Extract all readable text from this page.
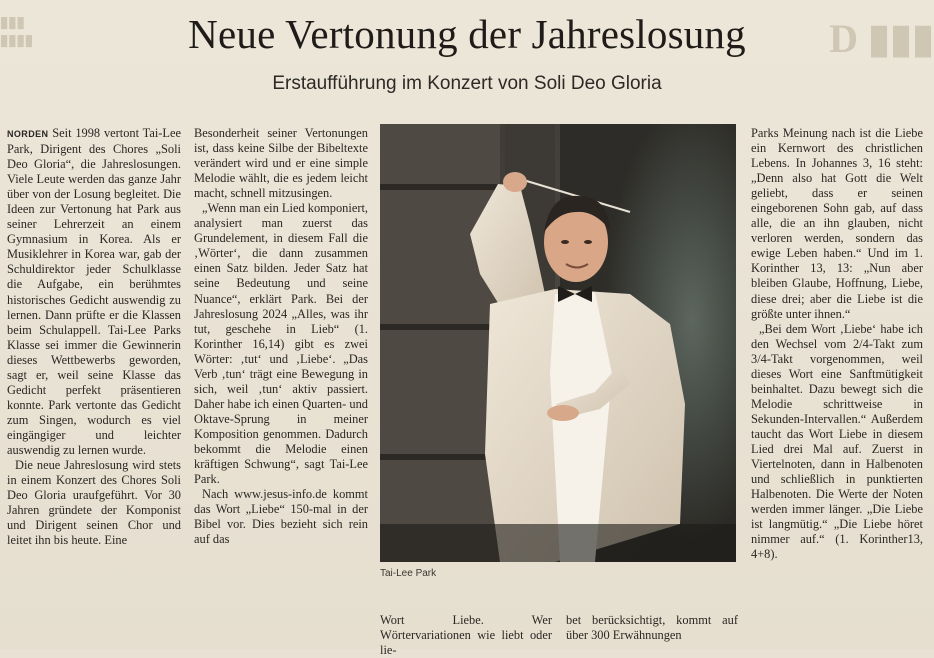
▮▮▮
▮▮▮▮	D ▮▮▮
Neue Vertonung der Jahreslosung
Erstaufführung im Konzert von Soli Deo Gloria

NORDEN Seit 1998 vertont Tai-Lee Park, Dirigent des Chores „Soli Deo Gloria“, die Jahreslosungen. Viele Leute werden das ganze Jahr über von der Losung begleitet. Die Ideen zur Vertonung hat Park aus seiner Lehrerzeit an einem Gymnasium in Korea. Als er Musiklehrer in Korea war, gab der Schuldirektor jeder Schulklasse die Aufgabe, ein berühmtes historisches Gedicht auswendig zu lernen. Dann prüfte er die Klassen beim Schulappell. Tai-Lee Parks Klasse sei immer die Gewinnerin dieses Wettbewerbs geworden, sagt er, weil seine Klasse das Gedicht perfekt präsentieren konnte. Park vertonte das Gedicht zum Singen, wodurch es viel eingängiger und leichter auswendig zu lernen wurde.

Die neue Jahreslosung wird stets in einem Konzert des Chores Soli Deo Gloria uraufgeführt. Vor 30 Jahren gründete der Komponist und Dirigent seinen Chor und leitet ihn bis heute. Eine

Besonderheit seiner Vertonungen ist, dass keine Silbe der Bibeltexte verändert wird und er eine simple Melodie wählt, die es jedem leicht macht, schnell mitzusingen.

„Wenn man ein Lied komponiert, analysiert man zuerst das Grundelement, in diesem Fall die ‚Wörter‘, die dann zusammen einen Satz bilden. Jeder Satz hat seine Bedeutung und seine Nuance“, erklärt Park. Bei der Jahreslosung 2024 „Alles, was ihr tut, geschehe in Lieb“ (1. Korinther 16,14) gibt es zwei Wörter: ‚tut‘ und ‚Liebe‘. „Das Verb ‚tun‘ trägt eine Bewegung in sich, weil ‚tun‘ aktiv passiert. Daher habe ich einen Quarten- und Oktave-Sprung in meiner Komposition genommen. Dadurch bekommt die Melodie einen kräftigen Schwung“, sagt Tai-Lee Park.

Nach www.jesus-info.de kommt das Wort „Liebe“ 150-mal in der Bibel vor. Dies bezieht sich rein auf das

Tai-Lee Park
Wort Liebe. Wer Wörtervariationen wie liebt oder lie-
bet berücksichtigt, kommt auf über 300 Erwähnungen

Parks Meinung nach ist die Liebe ein Kernwort des christlichen Lebens. In Johannes 3, 16 steht: „Denn also hat Gott die Welt geliebt, dass er seinen eingeborenen Sohn gab, auf dass alle, die an ihn glauben, nicht verloren werden, sondern das ewige Leben haben.“ Und im 1. Korinther 13, 13: „Nun aber bleiben Glaube, Hoffnung, Liebe, diese drei; aber die Liebe ist die größte unter ihnen.“

„Bei dem Wort ‚Liebe‘ habe ich den Wechsel vom 2/4-Takt zum 3/4-Takt vorgenommen, weil dieses Wort eine Sanftmütigkeit beinhaltet. Dazu bewegt sich die Melodie schrittweise in Sekunden-Intervallen.“ Außerdem taucht das Wort Liebe in diesem Lied drei Mal auf. Zuerst in Viertelnoten, dann in Halbenoten und schließlich in punktierten Halbenoten. Die Werte der Noten werden immer länger. „Die Liebe ist langmütig.“ „Die Liebe höret nimmer auf.“ (1. Korinther13, 4+8).
